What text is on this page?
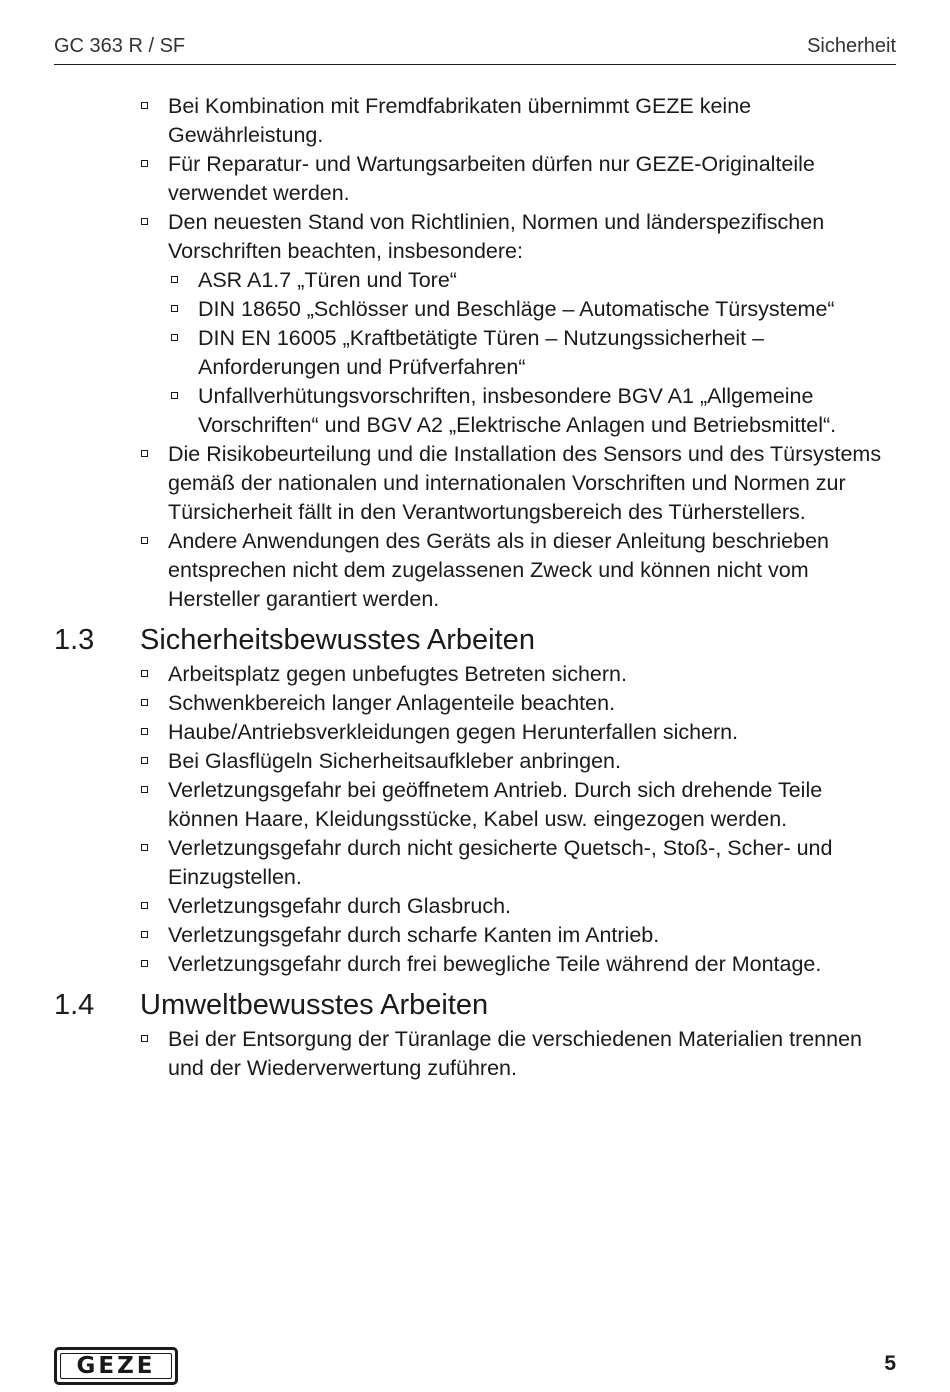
GC 363 R / SF	Sicherheit
Bei Kombination mit Fremdfabrikaten übernimmt GEZE keine Gewährleistung.
Für Reparatur- und Wartungsarbeiten dürfen nur GEZE-Originalteile verwendet werden.
Den neuesten Stand von Richtlinien, Normen und länderspezifischen Vorschriften beachten, insbesondere:
ASR A1.7 „Türen und Tore“
DIN 18650 „Schlösser und Beschläge – Automatische Türsysteme“
DIN EN 16005 „Kraftbetätigte Türen – Nutzungssicherheit – Anforderungen und Prüfverfahren“
Unfallverhütungsvorschriften, insbesondere BGV A1 „Allgemeine Vorschriften“ und BGV A2 „Elektrische Anlagen und Betriebsmittel“.
Die Risikobeurteilung und die Installation des Sensors und des Türsystems gemäß der nationalen und internationalen Vorschriften und Normen zur Türsicherheit fällt in den Verantwortungsbereich des Türherstellers.
Andere Anwendungen des Geräts als in dieser Anleitung beschrieben entsprechen nicht dem zugelassenen Zweck und können nicht vom Hersteller garantiert werden.
1.3 Sicherheitsbewusstes Arbeiten
Arbeitsplatz gegen unbefugtes Betreten sichern.
Schwenkbereich langer Anlagenteile beachten.
Haube/Antriebsverkleidungen gegen Herunterfallen sichern.
Bei Glasflügeln Sicherheitsaufkleber anbringen.
Verletzungsgefahr bei geöffnetem Antrieb. Durch sich drehende Teile können Haare, Kleidungsstücke, Kabel usw. eingezogen werden.
Verletzungsgefahr durch nicht gesicherte Quetsch-, Stoß-, Scher- und Einzugstellen.
Verletzungsgefahr durch Glasbruch.
Verletzungsgefahr durch scharfe Kanten im Antrieb.
Verletzungsgefahr durch frei bewegliche Teile während der Montage.
1.4 Umweltbewusstes Arbeiten
Bei der Entsorgung der Türanlage die verschiedenen Materialien trennen und der Wiederverwertung zuführen.
GEZE	5
